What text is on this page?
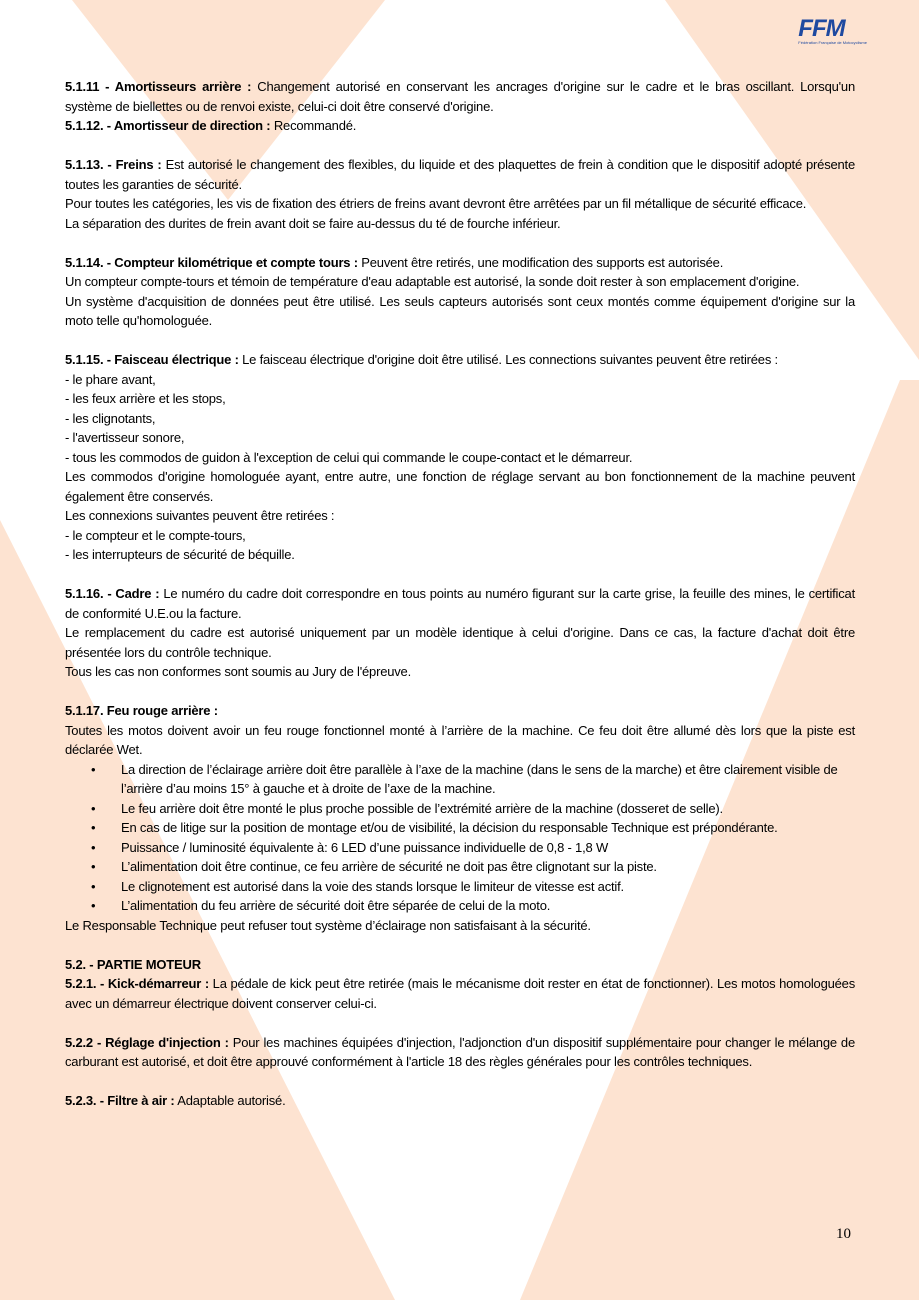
FFM
Fédération Française de Motocyclisme

5.1.11 - Amortisseurs arrière : Changement autorisé en conservant les ancrages d'origine sur le cadre et le bras oscillant. Lorsqu'un système de biellettes ou de renvoi existe, celui-ci doit être conservé d'origine.

5.1.12. - Amortisseur de direction : Recommandé.

5.1.13. - Freins : Est autorisé le changement des flexibles, du liquide et des plaquettes de frein à condition que le dispositif adopté présente toutes les garanties de sécurité.

Pour toutes les catégories, les vis de fixation des étriers de freins avant devront être arrêtées par un fil métallique de sécurité efficace.

La séparation des durites de frein avant doit se faire au-dessus du té de fourche inférieur.

5.1.14. - Compteur kilométrique et compte tours : Peuvent être retirés, une modification des supports est autorisée.

Un compteur compte-tours et témoin de température d'eau adaptable est autorisé, la sonde doit rester à son emplacement d'origine.

Un système d'acquisition de données peut être utilisé. Les seuls capteurs autorisés sont ceux montés comme équipement d'origine sur la moto telle qu'homologuée.

5.1.15. - Faisceau électrique : Le faisceau électrique d'origine doit être utilisé. Les connections suivantes peuvent être retirées :

- le phare avant,

- les feux arrière et les stops,

- les clignotants,

- l'avertisseur sonore,

- tous les commodos de guidon à l'exception de celui qui commande le coupe-contact et le démarreur.

Les commodos d'origine homologuée ayant, entre autre, une fonction de réglage servant au bon fonctionnement de la machine peuvent également être conservés.

Les connexions suivantes peuvent être retirées :

- le compteur et le compte-tours,

- les interrupteurs de sécurité de béquille.

5.1.16. - Cadre : Le numéro du cadre doit correspondre en tous points au numéro figurant sur la carte grise, la feuille des mines, le certificat de conformité U.E.ou la facture.

Le remplacement du cadre est autorisé uniquement par un modèle identique à celui d'origine. Dans ce cas, la facture d'achat doit être présentée lors du contrôle technique.

Tous les cas non conformes sont soumis au Jury de l'épreuve.

5.1.17. Feu rouge arrière :

Toutes les motos doivent avoir un feu rouge fonctionnel monté à l’arrière de la machine. Ce feu doit être allumé dès lors que la piste est déclarée Wet.

• La direction de l’éclairage arrière doit être parallèle à l’axe de la machine (dans le sens de la marche) et être clairement visible de l’arrière d’au moins 15° à gauche et à droite de l’axe de la machine.
• Le feu arrière doit être monté le plus proche possible de l’extrémité arrière de la machine (dosseret de selle).
• En cas de litige sur la position de montage et/ou de visibilité, la décision du responsable Technique est prépondérante.
• Puissance / luminosité équivalente à: 6 LED d’une puissance individuelle de 0,8 - 1,8 W
• L’alimentation doit être continue, ce feu arrière de sécurité ne doit pas être clignotant sur la piste.
• Le clignotement est autorisé dans la voie des stands lorsque le limiteur de vitesse est actif.
• L’alimentation du feu arrière de sécurité doit être séparée de celui de la moto.

Le Responsable Technique peut refuser tout système d’éclairage non satisfaisant à la sécurité.

5.2. - PARTIE MOTEUR

5.2.1. - Kick-démarreur : La pédale de kick peut être retirée (mais le mécanisme doit rester en état de fonctionner). Les motos homologuées avec un démarreur électrique doivent conserver celui-ci.

5.2.2 - Réglage d'injection : Pour les machines équipées d'injection, l'adjonction d'un dispositif supplémentaire pour changer le mélange de carburant est autorisé, et doit être approuvé conformément à l'article 18 des règles générales pour les contrôles techniques.

5.2.3. - Filtre à air : Adaptable autorisé.

10
